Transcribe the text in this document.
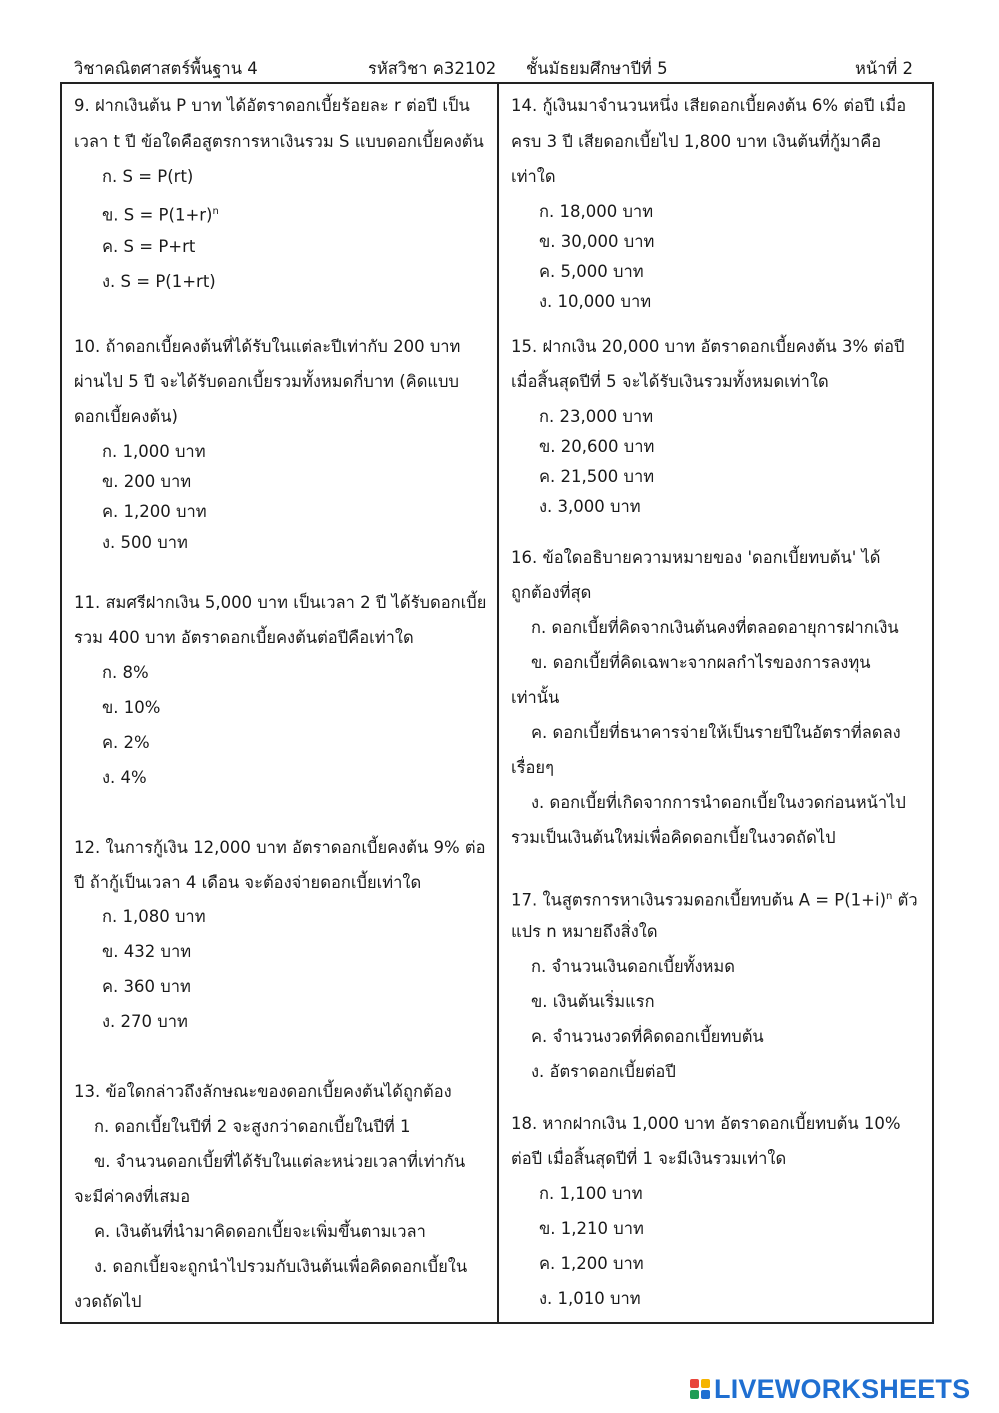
วิชาคณิตศาสตร์พื้นฐาน 4	รหัสวิชา ค32102 ชั้นมัธยมศึกษาปีที่ 5	หน้าที่ 2
9. ฝากเงินต้น P บาท ได้อัตราดอกเบี้ยร้อยละ r ต่อปี เป็น
เวลา t ปี ข้อใดคือสูตรการหาเงินรวม S แบบดอกเบี้ยคงต้น
ก. S = P(rt)
ข. $S = P(1+r)^n$
ค. S = P+rt
ง. S = P(1+rt)
10. ถ้าดอกเบี้ยคงต้นที่ได้รับในแต่ละปีเท่ากับ 200 บาท
ผ่านไป 5 ปี จะได้รับดอกเบี้ยรวมทั้งหมดกี่บาท (คิดแบบ
ดอกเบี้ยคงต้น)
ก. 1,000 บาท
ข. 200 บาท
ค. 1,200 บาท
ง. 500 บาท
11. สมศรีฝากเงิน 5,000 บาท เป็นเวลา 2 ปี ได้รับดอกเบี้ย
รวม 400 บาท อัตราดอกเบี้ยคงต้นต่อปีคือเท่าใด
ก. 8%
ข. 10%
ค. 2%
ง. 4%
12. ในการกู้เงิน 12,000 บาท อัตราดอกเบี้ยคงต้น 9% ต่อ
ปี ถ้ากู้เป็นเวลา 4 เดือน จะต้องจ่ายดอกเบี้ยเท่าใด
ก. 1,080 บาท
ข. 432 บาท
ค. 360 บาท
ง. 270 บาท
13. ข้อใดกล่าวถึงลักษณะของดอกเบี้ยคงต้นได้ถูกต้อง
ก. ดอกเบี้ยในปีที่ 2 จะสูงกว่าดอกเบี้ยในปีที่ 1
ข. จำนวนดอกเบี้ยที่ได้รับในแต่ละหน่วยเวลาที่เท่ากัน
จะมีค่าคงที่เสมอ
ค. เงินต้นที่นำมาคิดดอกเบี้ยจะเพิ่มขึ้นตามเวลา
ง. ดอกเบี้ยจะถูกนำไปรวมกับเงินต้นเพื่อคิดดอกเบี้ยใน
งวดถัดไป
14. กู้เงินมาจำนวนหนึ่ง เสียดอกเบี้ยคงต้น 6% ต่อปี เมื่อ
ครบ 3 ปี เสียดอกเบี้ยไป 1,800 บาท เงินต้นที่กู้มาคือ
เท่าใด
ก. 18,000 บาท
ข. 30,000 บาท
ค. 5,000 บาท
ง. 10,000 บาท
15. ฝากเงิน 20,000 บาท อัตราดอกเบี้ยคงต้น 3% ต่อปี
เมื่อสิ้นสุดปีที่ 5 จะได้รับเงินรวมทั้งหมดเท่าใด
ก. 23,000 บาท
ข. 20,600 บาท
ค. 21,500 บาท
ง. 3,000 บาท
16. ข้อใดอธิบายความหมายของ 'ดอกเบี้ยทบต้น' ได้
ถูกต้องที่สุด
ก. ดอกเบี้ยที่คิดจากเงินต้นคงที่ตลอดอายุการฝากเงิน
ข. ดอกเบี้ยที่คิดเฉพาะจากผลกำไรของการลงทุน
เท่านั้น
ค. ดอกเบี้ยที่ธนาคารจ่ายให้เป็นรายปีในอัตราที่ลดลง
เรื่อยๆ
ง. ดอกเบี้ยที่เกิดจากการนำดอกเบี้ยในงวดก่อนหน้าไป
รวมเป็นเงินต้นใหม่เพื่อคิดดอกเบี้ยในงวดถัดไป
17. ในสูตรการหาเงินรวมดอกเบี้ยทบต้น $A = P(1+i)^n$ ตัว
แปร n หมายถึงสิ่งใด
ก. จำนวนเงินดอกเบี้ยทั้งหมด
ข. เงินต้นเริ่มแรก
ค. จำนวนงวดที่คิดดอกเบี้ยทบต้น
ง. อัตราดอกเบี้ยต่อปี
18. หากฝากเงิน 1,000 บาท อัตราดอกเบี้ยทบต้น 10%
ต่อปี เมื่อสิ้นสุดปีที่ 1 จะมีเงินรวมเท่าใด
ก. 1,100 บาท
ข. 1,210 บาท
ค. 1,200 บาท
ง. 1,010 บาท
LIVEWORKSHEETS
